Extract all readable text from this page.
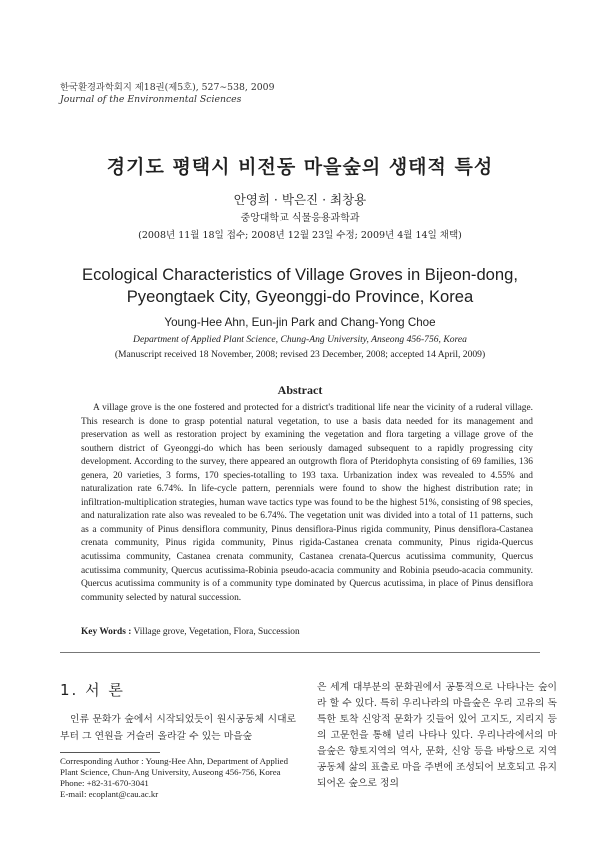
한국환경과학회지 제18권(제5호), 527∼538, 2009
Journal of the Environmental Sciences
경기도 평택시 비전동 마을숲의 생태적 특성
안영희 · 박은진 · 최창용
중앙대학교 식물응용과학과
(2008년 11월 18일 접수; 2008년 12월 23일 수정; 2009년 4월 14일 채택)
Ecological Characteristics of Village Groves in Bijeon-dong,
Pyeongtaek City, Gyeonggi-do Province, Korea
Young-Hee Ahn, Eun-jin Park and Chang-Yong Choe
Department of Applied Plant Science, Chung-Ang University, Anseong 456-756, Korea
(Manuscript received 18 November, 2008; revised 23 December, 2008; accepted 14 April, 2009)
Abstract

A village grove is the one fostered and protected for a district's traditional life near the vicinity of a ruderal village. This research is done to grasp potential natural vegetation, to use a basis data needed for its management and preservation as well as restoration project by examining the vegetation and flora targeting a village grove of the southern district of Gyeonggi-do which has been seriously damaged subsequent to a rapidly progressing city development. According to the survey, there appeared an outgrowth flora of Pteridophyta consisting of 69 families, 136 genera, 20 varieties, 3 forms, 170 species-totalling to 193 taxa. Urbanization index was revealed to 4.55% and naturalization rate 6.74%. In life-cycle pattern, perennials were found to show the highest distribution rate; in infiltration-multiplication strategies, human wave tactics type was found to be the highest 51%, consisting of 98 species, and naturalization rate also was revealed to be 6.74%. The vegetation unit was divided into a total of 11 patterns, such as a community of Pinus densiflora community, Pinus densiflora-Pinus rigida community, Pinus densiflora-Castanea crenata community, Pinus rigida community, Pinus rigida-Castanea crenata community, Pinus rigida-Quercus acutissima community, Castanea crenata community, Castanea crenata-Quercus acutissima community, Quercus acutissima community, Quercus acutissima-Robinia pseudo-acacia community and Robinia pseudo-acacia community. Quercus acutissima community is of a community type dominated by Quercus acutissima, in place of Pinus densiflora community selected by natural succession.

Key Words : Village grove, Vegetation, Flora, Succession
1. 서 론

인류 문화가 숲에서 시작되었듯이 원시공동체 시대로부터 그 연원을 거슬러 올라갈 수 있는 마을숲

은 세계 대부분의 문화권에서 공통적으로 나타나는 숲이라 할 수 있다. 특히 우리나라의 마을숲은 우리 고유의 독특한 토착 신앙적 문화가 깃들어 있어 고지도, 지리지 등의 고문헌을 통해 널리 나타나 있다. 우리나라에서의 마을숲은 향토지역의 역사, 문화, 신앙 등을 바탕으로 지역 공동체 삶의 표출로 마을 주변에 조성되어 보호되고 유지되어온 숲으로 정의

Corresponding Author : Young-Hee Ahn, Department of Applied
Plant Science, Chun-Ang University, Auseong 456-756, Korea
Phone: +82-31-670-3041
E-mail: ecoplant@cau.ac.kr
